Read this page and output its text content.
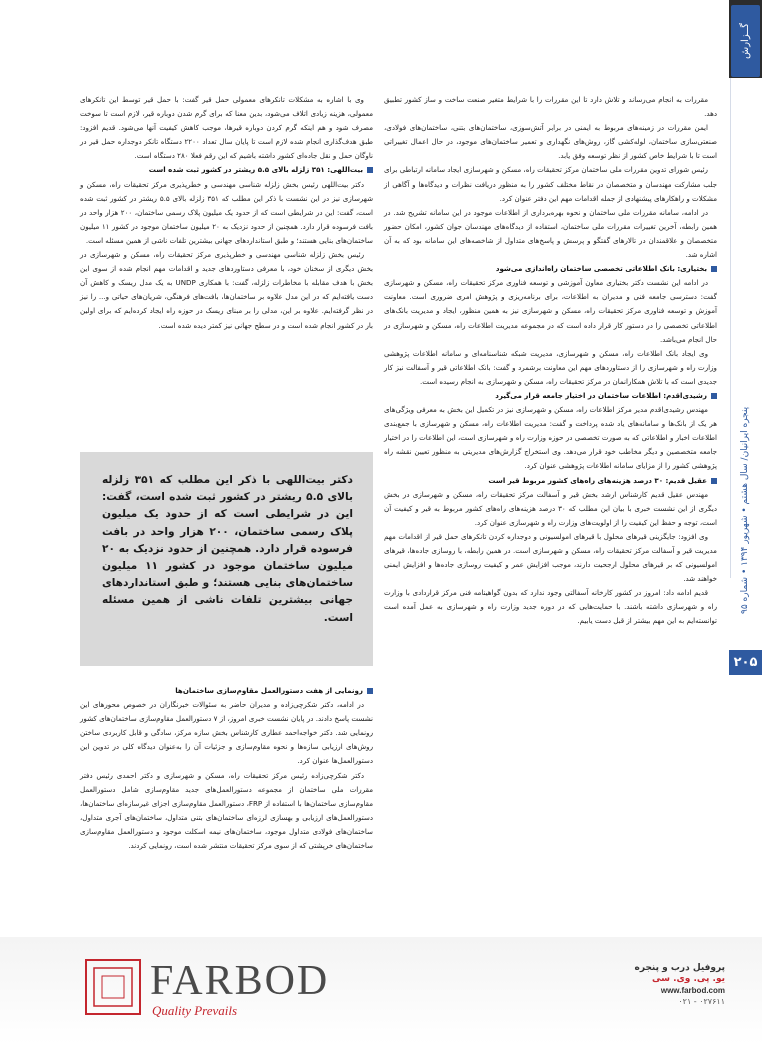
گــزارش
پنجره ایرانیان/ سال هشتم • شهریور ۱۳۹۴ • شماره ۹۵
۲۰۵

مقررات به انجام می‌رساند و تلاش دارد تا این مقررات را با شرایط متغیر صنعت ساخت و ساز کشور تطبیق دهد.

ایمن مقررات در زمینه‌های مربوط به ایمنی در برابر آتش‌سوزی، ساختمان‌های بتنی، ساختمان‌های فولادی، صنعتی‌سازی ساختمان، لوله‌کشی گاز، روش‌های نگهداری و تعمیر ساختمان‌های موجود، در حال اعمال تغییراتی است تا با شرایط خاص کشور از نظر توسعه وفق یابد.

رئیس شورای تدوین مقررات ملی ساختمان مرکز تحقیقات راه، مسکن و شهرسازی ایجاد سامانه ارتباطی برای جلب مشارکت مهندسان و متخصصان در نقاط مختلف کشور را به منظور دریافت نظرات و دیدگاه‌ها و آگاهی از مشکلات و راهکارهای پیشنهادی از جمله اقدامات مهم این دفتر عنوان کرد.

در ادامه، سامانه مقررات ملی ساختمان و نحوه بهره‌برداری از اطلاعات موجود در این سامانه تشریح شد. در همین رابطه، آخرین تغییرات مقررات ملی ساختمان، استفاده از دیدگاه‌های مهندسان جوان کشور، امکان حضور متخصصان و علاقمندان در تالارهای گفتگو و پرسش و پاسخ‌های متداول از شاخصه‌های این سامانه بود که به آن اشاره شد.

بختیاری: بانک اطلاعاتی تخصصی ساختمان راه‌اندازی می‌شود

در ادامه این نشست دکتر بختیاری معاون آموزشی و توسعه فناوری مرکز تحقیقات راه، مسکن و شهرسازی گفت: دسترسی جامعه فنی و مدیران به اطلاعات، برای برنامه‌ریزی و پژوهش امری ضروری است. معاونت آموزش و توسعه فناوری مرکز تحقیقات راه، مسکن و شهرسازی نیز به همین منظور، ایجاد و مدیریت بانک‌های اطلاعاتی تخصصی را در دستور کار قرار داده است که در مجموعه مدیریت اطلاعات راه، مسکن و شهرسازی در حال انجام می‌باشد.

وی ایجاد بانک اطلاعات راه، مسکن و شهرسازی، مدیریت شبکه شناسنامه‌ای و سامانه اطلاعات پژوهشی وزارت راه و شهرسازی را از دستاوردهای مهم این معاونت برشمرد و گفت: بانک اطلاعاتی قیر و آسفالت نیز کار جدیدی است که با تلاش همکارانمان در مرکز تحقیقات راه، مسکن و شهرسازی به انجام رسیده است.

رشیدی‌اقدم: اطلاعات ساختمان در اختیار جامعه قرار می‌گیرد

مهندس رشیدی‌اقدم مدیر مرکز اطلاعات راه، مسکن و شهرسازی نیز در تکمیل این بخش به معرفی ویژگی‌های هر یک از بانک‌ها و سامانه‌های یاد شده پرداخت و گفت: مدیریت اطلاعات راه، مسکن و شهرسازی با جمع‌بندی اطلاعات اخبار و اطلاعاتی که به صورت تخصصی در حوزه وزارت راه و شهرسازی است، این اطلاعات را در اختیار جامعه متخصصین و دیگر مخاطب خود قرار می‌دهد. وی استخراج گزارش‌های مدیریتی به منظور تعیین نقشه راه پژوهشی کشور را از مزایای سامانه اطلاعات پژوهشی عنوان کرد.

عقیل قدیم: ۳۰ درصد هزینه‌های راه‌های کشور مربوط قیر است

مهندس عقیل قدیم کارشناس ارشد بخش قیر و آسفالت مرکز تحقیقات راه، مسکن و شهرسازی در بخش دیگری از این نشست خبری با بیان این مطلب که ۳۰ درصد هزینه‌های راه‌های کشور مربوط به قیر و کیفیت آن است، توجه و حفظ این کیفیت را از اولویت‌های وزارت راه و شهرسازی عنوان کرد.

وی افزود: جایگزینی قیرهای محلول با قیرهای امولسیونی و دوجداره کردن تانکرهای حمل قیر از اقدامات مهم مدیریت قیر و آسفالت مرکز تحقیقات راه، مسکن و شهرسازی است. در همین رابطه، با روسازی جاده‌ها، قیرهای امولسیونی که بر قیرهای محلول ارجحیت دارند، موجب افزایش عمر و کیفیت روسازی جاده‌ها و افزایش ایمنی خواهند شد.

قدیم ادامه داد: امروز در کشور کارخانه آسفالتی وجود ندارد که بدون گواهینامه فنی مرکز قراردادی با وزارت راه و شهرسازی داشته باشند. با حمایت‌هایی که در دوره جدید وزارت راه و شهرسازی به عمل آمده است توانسته‌ایم به این مهم بیشتر از قبل دست یابیم.

وی با اشاره به مشکلات تانکرهای معمولی حمل قیر گفت: با حمل قیر توسط این تانکرهای معمولی، هزینه زیادی اتلاف می‌شود، بدین معنا که برای گرم شدن دوباره قیر، لازم است تا سوخت مصرف شود و هم اینکه گرم کردن دوباره قیرها، موجب کاهش کیفیت آنها می‌شود. قدیم افزود: طبق هدف‌گذاری انجام شده لازم است تا پایان سال تعداد ۲۲۰۰ دستگاه تانکر دوجداره حمل قیر در ناوگان حمل و نقل جاده‌ای کشور داشته باشیم که این رقم فعلا ۲۸۰ دستگاه است.

بیت‌اللهی: ۳۵۱ زلزله بالای ۵.۵ ریشتر در کشور ثبت شده است

دکتر بیت‌اللهی رئیس بخش زلزله شناسی مهندسی و خطرپذیری مرکز تحقیقات راه، مسکن و شهرسازی نیز در این نشست با ذکر این مطلب که ۳۵۱ زلزله بالای ۵.۵ ریشتر در کشور ثبت شده است، گفت: این در شرایطی است که از حدود یک میلیون پلاک رسمی ساختمان، ۲۰۰ هزار واحد در بافت فرسوده قرار دارد. همچنین از حدود نزدیک به ۲۰ میلیون ساختمان موجود در کشور ۱۱ میلیون ساختمان‌های بنایی هستند؛ و طبق استانداردهای جهانی بیشترین تلفات ناشی از همین مسئله است.

رئیس بخش زلزله شناسی مهندسی و خطرپذیری مرکز تحقیقات راه، مسکن و شهرسازی در بخش دیگری از سخنان خود، با معرفی دستاوردهای جدید و اقدامات مهم انجام شده از سوی این بخش با هدف مقابله با مخاطرات زلزله، گفت: با همکاری UNDP به یک مدل ریسک و کاهش آن دست یافته‌ایم که در این مدل علاوه بر ساختمان‌ها، بافت‌های فرهنگی، شریان‌های حیاتی و... را نیز در نظر گرفته‌ایم. علاوه بر این، مدلی را بر مبنای ریسک در حوزه راه ایجاد کرده‌ایم که برای اولین بار در کشور انجام شده است و در سطح جهانی نیز کمتر دیده شده است.

دکتر بیت‌اللهی با ذکر این مطلب که ۳۵۱ زلزله بالای ۵.۵ ریشتر در کشور ثبت شده است، گفت: این در شرایطی است که از حدود یک میلیون پلاک رسمی ساختمان، ۲۰۰ هزار واحد در بافت فرسوده قرار دارد. همچنین از حدود نزدیک به ۲۰ میلیون ساختمان موجود در کشور ۱۱ میلیون ساختمان‌های بنایی هستند؛ و طبق استانداردهای جهانی بیشترین تلفات ناشی از همین مسئله است.

رونمایی از هفت دستورالعمل مقاوم‌سازی ساختمان‌ها

در ادامه، دکتر شکرچی‌زاده و مدیران حاضر به سئوالات خبرنگاران در خصوص محورهای این نشست پاسخ دادند. در پایان نشست خبری امروز، از ۷ دستورالعمل مقاوم‌سازی ساختمان‌های کشور رونمایی شد. دکتر خواجه‌احمد عطاری کارشناس بخش سازه مرکز، سادگی و قابل کاربردی ساختن روش‌های ارزیابی سازه‌ها و نحوه مقاوم‌سازی و جزئیات آن را به‌عنوان دیدگاه کلی در تدوین این دستورالعمل‌ها عنوان کرد.

دکتر شکرچی‌زاده رئیس مرکز تحقیقات راه، مسکن و شهرسازی و دکتر احمدی رئیس دفتر مقررات ملی ساختمان از مجموعه دستورالعمل‌های جدید مقاوم‌سازی شامل دستورالعمل مقاوم‌سازی ساختمان‌ها با استفاده از FRP، دستورالعمل مقاوم‌سازی اجزای غیرسازه‌ای ساختمان‌ها، دستورالعمل‌های ارزیابی و بهسازی لرزه‌ای ساختمان‌های بتنی متداول، ساختمان‌های آجری متداول، ساختمان‌های فولادی متداول موجود، ساختمان‌های نیمه اسکلت موجود و دستورالعمل مقاوم‌سازی ساختمان‌های خرپشتی که از سوی مرکز تحقیقات منتشر شده است، رونمایی کردند.

FARBOD
Quality Prevails
پروفیل درب و پنجره
یو. پی. وی. سی
www.farbod.com
۰۲۱ - ۰۲۷۶۱۱
